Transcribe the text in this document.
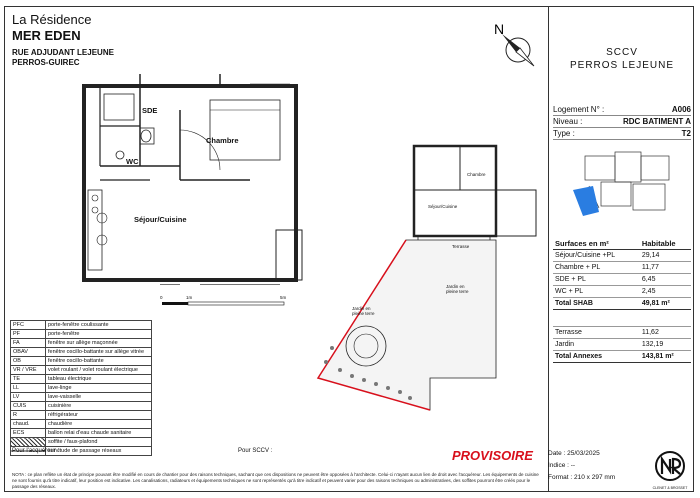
La Résidence
MER EDEN
RUE ADJUDANT LEJEUNE
PERROS-GUIREC
N
SDE
Chambre
WC
Séjour/Cuisine
0	1m	5m
Chambre
Séjour/Cuisine
Terrasse
Jardin en pleine terre
Jardin en pleine terre
SCCV
PERROS LEJEUNE
Logement N° :	A006
Niveau :	RDC BATIMENT A
Type :	T2
Surfaces en m²	Habitable
Séjour/Cuisine +PL	29,14
Chambre + PL	11,77
SDE + PL	6,45
WC + PL	2,45
Total SHAB	49,81 m²

Terrasse	11,62
Jardin	132,19
Total Annexes	143,81 m²
PFC	porte-fenêtre coulissante
PF	porte-fenêtre
FA	fenêtre sur allège maçonnée
OBAV	fenêtre oscillo-battante sur allège vitrée
OB	fenêtre oscillo-battante
VR / VRE	volet roulant / volet roulant électrique
TE	tableau électrique
LL	lave-linge
LV	lave-vaisselle
CUIS	cuisinière
R	réfrigérateur
chaud.	chaudière
ECS	ballon relai d'eau chaude sanitaire
	soffite / faux-plafond
	servitude de passage réseaux
Pour l'acquéreur :	Pour SCCV :	PROVISOIRE
NOTA : ce plan reflète un état de principe pouvant être modifié en cours de chantier pour des raisons techniques, sachant que ces dispositions ne peuvent être opposées à l'architecte. Celui-ci n'ayant aucun lien de droit avec l'acquéreur. Les équipements de cuisine ne sont fournis qu'à titre indicatif, leur position est indicative. Les canalisations, radiateurs et équipements techniques ne sont représentés qu'à titre indicatif et peuvent varier pour des raisons techniques ou administratives, des soffites pourront être créés pour le passage des réseaux.
Date : 25/03/2025
Indice : --
Format : 210 x 297 mm
CLENET & BROSSET
